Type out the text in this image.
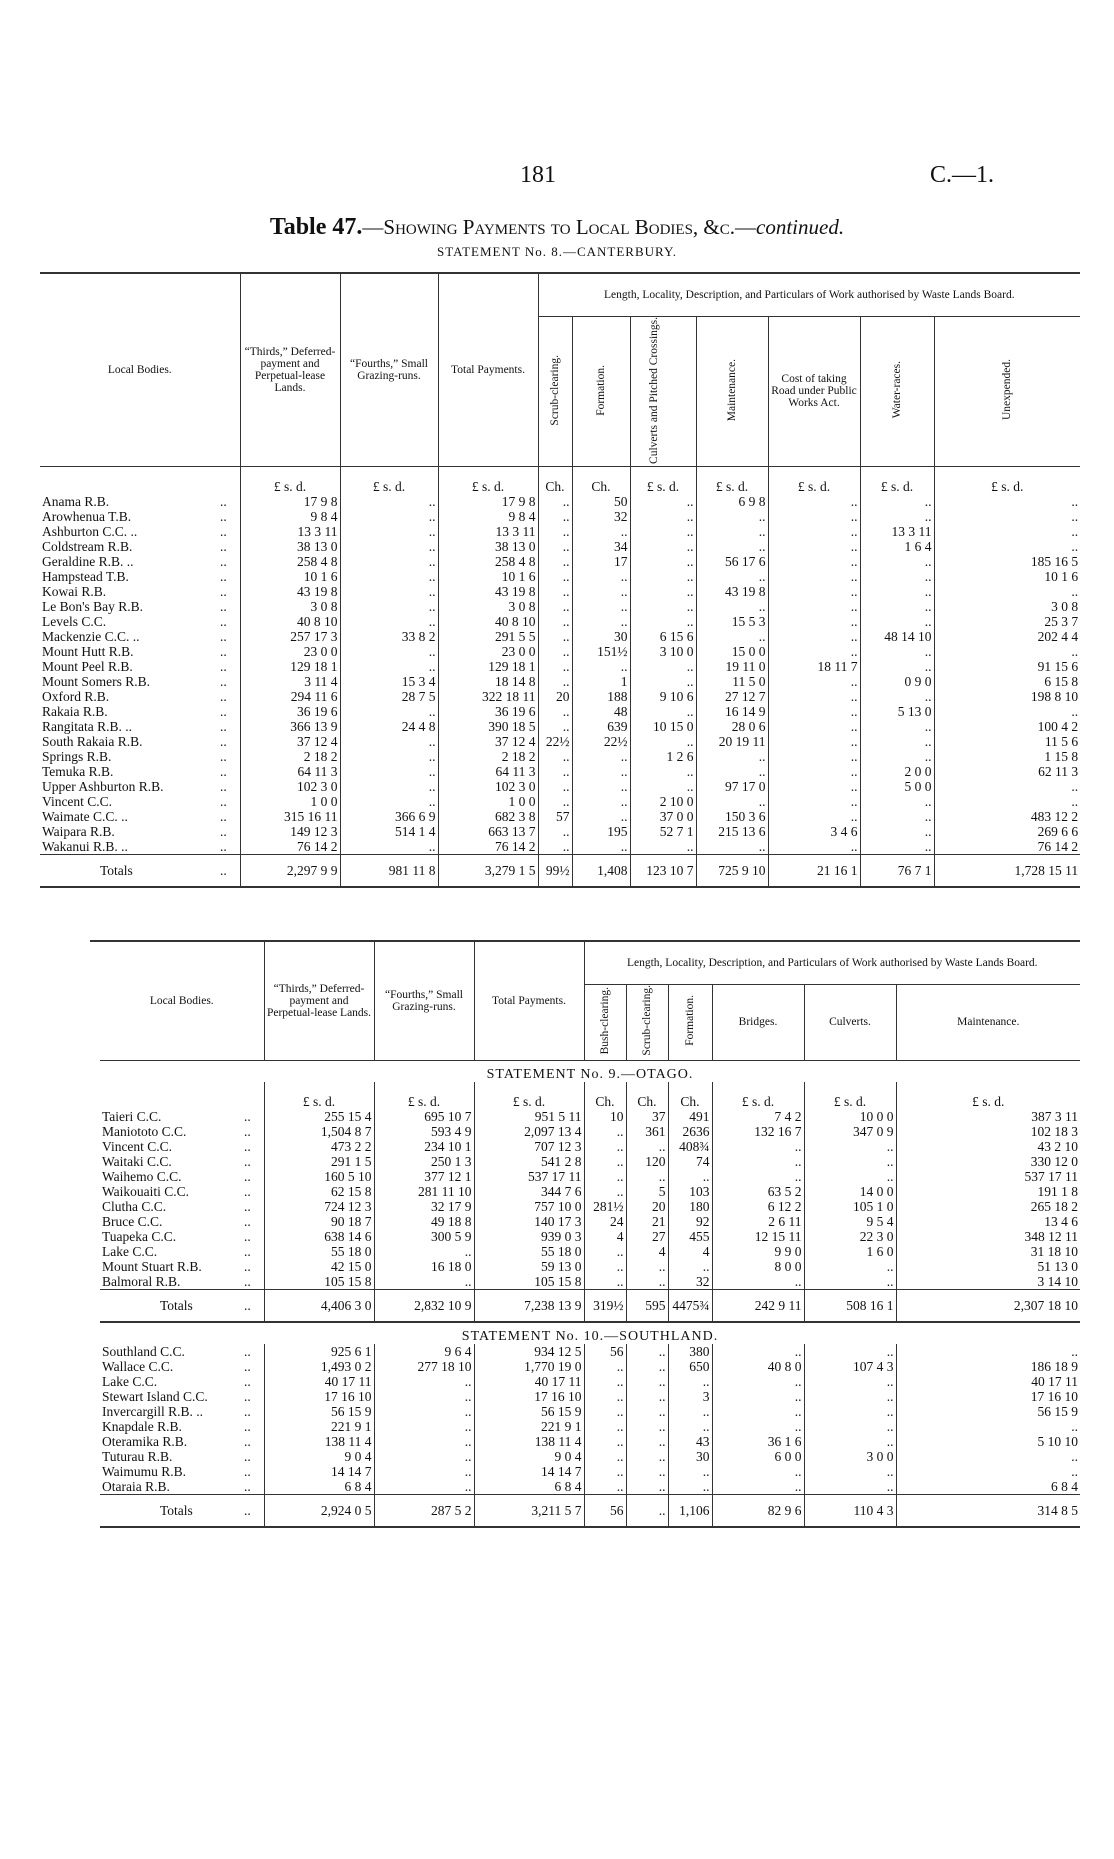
181	C.—1.
Table 47.—Showing Payments to Local Bodies, &c.—continued.
STATEMENT No. 8.—CANTERBURY.
Local Bodies.		“Thirds,” Deferred-payment and Perpetual-lease Lands.	“Fourths,” Small Grazing-runs.	Total Payments.	Length, Locality, Description, and Particulars of Work authorised by Waste Lands Board.						
					Scrub-clearing.	Formation.	Culverts and Pitched Crossings.	Maintenance.	Cost of taking Road under Public Works Act.	Water-races.	Unexpended.
		£ s. d.	£ s. d.	£ s. d.	Ch.	Ch.	£ s. d.	£ s. d.	£ s. d.	£ s. d.	£ s. d.
Anama R.B.	..	17 9 8	..	17 9 8	..	50	..	6 9 8	..	..	..
Arowhenua T.B.	..	9 8 4	..	9 8 4	..	32	..	..	..	..	..
Ashburton C.C. ..	..	13 3 11	..	13 3 11	..	..	..	..	..	13 3 11	..
Coldstream R.B.	..	38 13 0	..	38 13 0	..	34	..	..	..	1 6 4	..
Geraldine R.B. ..	..	258 4 8	..	258 4 8	..	17	..	56 17 6	..	..	185 16 5
Hampstead T.B.	..	10 1 6	..	10 1 6	..	..	..	..	..	..	10 1 6
Kowai R.B.	..	43 19 8	..	43 19 8	..	..	..	43 19 8	..	..	..
Le Bon's Bay R.B.	..	3 0 8	..	3 0 8	..	..	..	..	..	..	3 0 8
Levels C.C.	..	40 8 10	..	40 8 10	..	..	..	15 5 3	..	..	25 3 7
Mackenzie C.C. ..	..	257 17 3	33 8 2	291 5 5	..	30	6 15 6	..	..	48 14 10	202 4 4
Mount Hutt R.B.	..	23 0 0	..	23 0 0	..	151½	3 10 0	15 0 0	..	..	..
Mount Peel R.B.	..	129 18 1	..	129 18 1	..	..	..	19 11 0	18 11 7	..	91 15 6
Mount Somers R.B.	..	3 11 4	15 3 4	18 14 8	..	1	..	11 5 0	..	0 9 0	6 15 8
Oxford R.B.	..	294 11 6	28 7 5	322 18 11	20	188	9 10 6	27 12 7	..	..	198 8 10
Rakaia R.B.	..	36 19 6	..	36 19 6	..	48	..	16 14 9	..	5 13 0	..
Rangitata R.B. ..	..	366 13 9	24 4 8	390 18 5	..	639	10 15 0	28 0 6	..	..	100 4 2
South Rakaia R.B.	..	37 12 4	..	37 12 4	22½	22½	..	20 19 11	..	..	11 5 6
Springs R.B.	..	2 18 2	..	2 18 2	..	..	1 2 6	..	..	..	1 15 8
Temuka R.B.	..	64 11 3	..	64 11 3	..	..	..	..	..	2 0 0	62 11 3
Upper Ashburton R.B.	..	102 3 0	..	102 3 0	..	..	..	97 17 0	..	5 0 0	..
Vincent C.C.	..	1 0 0	..	1 0 0	..	..	2 10 0	..	..	..	..
Waimate C.C. ..	..	315 16 11	366 6 9	682 3 8	57	..	37 0 0	150 3 6	..	..	483 12 2
Waipara R.B.	..	149 12 3	514 1 4	663 13 7	..	195	52 7 1	215 13 6	3 4 6	..	269 6 6
Wakanui R.B. ..	..	76 14 2	..	76 14 2	..	..	..	..	..	..	76 14 2
Totals	..	2,297 9 9	981 11 8	3,279 1 5	99½	1,408	123 10 7	725 9 10	21 16 1	76 7 1	1,728 15 11
Local Bodies.		“Thirds,” Deferred-payment and Perpetual-lease Lands.	“Fourths,” Small Grazing-runs.	Total Payments.	Length, Locality, Description, and Particulars of Work authorised by Waste Lands Board.					
					Bush-clearing.	Scrub-clearing.	Formation.	Bridges.	Culverts.	Maintenance.
STATEMENT No. 9.—OTAGO.										
		£ s. d.	£ s. d.	£ s. d.	Ch.	Ch.	Ch.	£ s. d.	£ s. d.	£ s. d.
Taieri C.C.	..	255 15 4	695 10 7	951 5 11	10	37	491	7 4 2	10 0 0	387 3 11
Maniototo C.C.	..	1,504 8 7	593 4 9	2,097 13 4	..	361	2636	132 16 7	347 0 9	102 18 3
Vincent C.C.	..	473 2 2	234 10 1	707 12 3	..	..	408¾	..	..	43 2 10
Waitaki C.C.	..	291 1 5	250 1 3	541 2 8	..	120	74	..	..	330 12 0
Waihemo C.C.	..	160 5 10	377 12 1	537 17 11	..	..	..	..	..	537 17 11
Waikouaiti C.C.	..	62 15 8	281 11 10	344 7 6	..	5	103	63 5 2	14 0 0	191 1 8
Clutha C.C.	..	724 12 3	32 17 9	757 10 0	281½	20	180	6 12 2	105 1 0	265 18 2
Bruce C.C.	..	90 18 7	49 18 8	140 17 3	24	21	92	2 6 11	9 5 4	13 4 6
Tuapeka C.C.	..	638 14 6	300 5 9	939 0 3	4	27	455	12 15 11	22 3 0	348 12 11
Lake C.C.	..	55 18 0	..	55 18 0	..	4	4	9 9 0	1 6 0	31 18 10
Mount Stuart R.B.	..	42 15 0	16 18 0	59 13 0	..	..	..	8 0 0	..	51 13 0
Balmoral R.B.	..	105 15 8	..	105 15 8	..	..	32	..	..	3 14 10
Totals	..	4,406 3 0	2,832 10 9	7,238 13 9	319½	595	4475¾	242 9 11	508 16 1	2,307 18 10
STATEMENT No. 10.—SOUTHLAND.										
Southland C.C.	..	925 6 1	9 6 4	934 12 5	56	..	380	..	..	..
Wallace C.C.	..	1,493 0 2	277 18 10	1,770 19 0	..	..	650	40 8 0	107 4 3	186 18 9
Lake C.C.	..	40 17 11	..	40 17 11	..	..	..	..	..	40 17 11
Stewart Island C.C.	..	17 16 10	..	17 16 10	..	..	3	..	..	17 16 10
Invercargill R.B. ..	..	56 15 9	..	56 15 9	..	..	..	..	..	56 15 9
Knapdale R.B.	..	221 9 1	..	221 9 1	..	..	..	..	..	..
Oteramika R.B.	..	138 11 4	..	138 11 4	..	..	43	36 1 6	..	5 10 10
Tuturau R.B.	..	9 0 4	..	9 0 4	..	..	30	6 0 0	3 0 0	..
Waimumu R.B.	..	14 14 7	..	14 14 7	..	..	..	..	..	..
Otaraia R.B.	..	6 8 4	..	6 8 4	..	..	..	..	..	6 8 4
Totals	..	2,924 0 5	287 5 2	3,211 5 7	56	..	1,106	82 9 6	110 4 3	314 8 5
